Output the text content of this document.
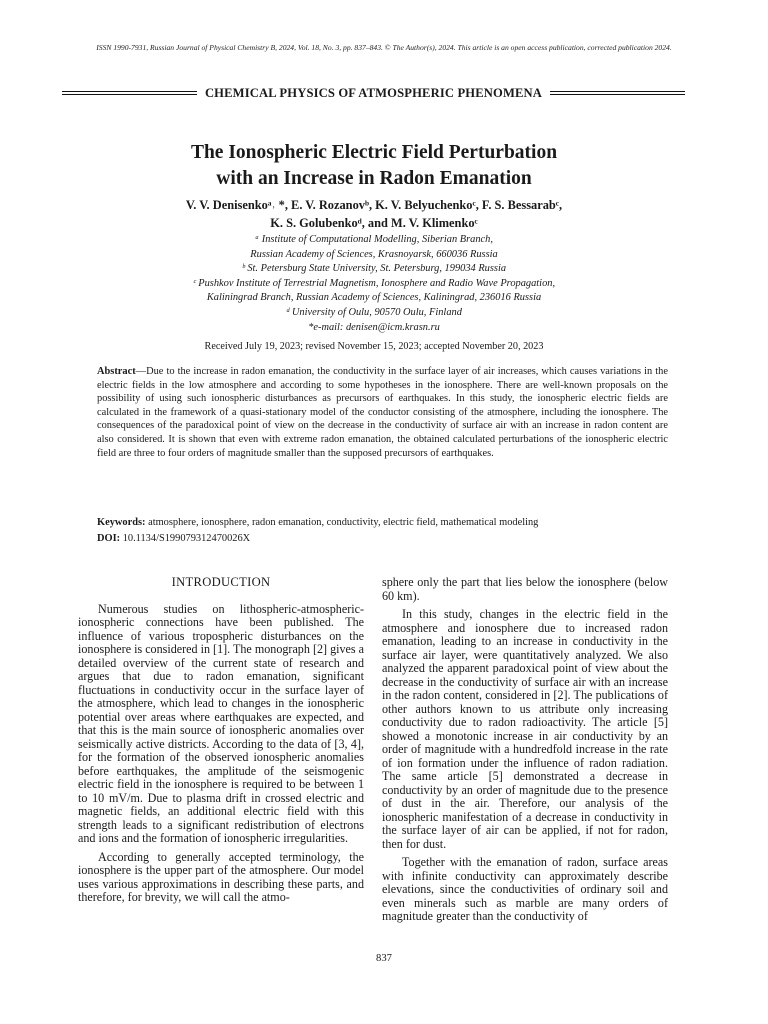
ISSN 1990-7931, Russian Journal of Physical Chemistry B, 2024, Vol. 18, No. 3, pp. 837–843. © The Author(s), 2024. This article is an open access publication, corrected publication 2024.
CHEMICAL PHYSICS OF ATMOSPHERIC PHENOMENA
The Ionospheric Electric Field Perturbation
with an Increase in Radon Emanation
V. V. Denisenkoᵃ˒ *, E. V. Rozanovᵇ, K. V. Belyuchenkoᶜ, F. S. Bessarabᶜ,
K. S. Golubenkoᵈ, and M. V. Klimenkoᶜ
ᵃ Institute of Computational Modelling, Siberian Branch,
Russian Academy of Sciences, Krasnoyarsk, 660036 Russia
ᵇ St. Petersburg State University, St. Petersburg, 199034 Russia
ᶜ Pushkov Institute of Terrestrial Magnetism, Ionosphere and Radio Wave Propagation,
Kaliningrad Branch, Russian Academy of Sciences, Kaliningrad, 236016 Russia
ᵈ University of Oulu, 90570 Oulu, Finland
*e-mail: denisen@icm.krasn.ru
Received July 19, 2023; revised November 15, 2023; accepted November 20, 2023
Abstract—Due to the increase in radon emanation, the conductivity in the surface layer of air increases, which causes variations in the electric fields in the low atmosphere and according to some hypotheses in the ionosphere. There are well-known proposals on the possibility of using such ionospheric disturbances as precursors of earthquakes. In this study, the ionospheric electric fields are calculated in the framework of a quasi-stationary model of the conductor consisting of the atmosphere, including the ionosphere. The consequences of the paradoxical point of view on the decrease in the conductivity of surface air with an increase in radon content are also considered. It is shown that even with extreme radon emanation, the obtained calculated perturbations of the ionospheric electric field are three to four orders of magnitude smaller than the supposed precursors of earthquakes.
Keywords: atmosphere, ionosphere, radon emanation, conductivity, electric field, mathematical modeling
DOI: 10.1134/S199079312470026X
INTRODUCTION

Numerous studies on lithospheric-atmospheric-ionospheric connections have been published. The influence of various tropospheric disturbances on the ionosphere is considered in [1]. The monograph [2] gives a detailed overview of the current state of research and argues that due to radon emanation, significant fluctuations in conductivity occur in the surface layer of the atmosphere, which lead to changes in the ionospheric potential over areas where earthquakes are expected, and that this is the main source of ionospheric anomalies over seismically active districts. According to the data of [3, 4], for the formation of the observed ionospheric anomalies before earthquakes, the amplitude of the seismogenic electric field in the ionosphere is required to be between 1 to 10 mV/m. Due to plasma drift in crossed electric and magnetic fields, an additional electric field with this strength leads to a significant redistribution of electrons and ions and the formation of ionospheric irregularities.

According to generally accepted terminology, the ionosphere is the upper part of the atmosphere. Our model uses various approximations in describing these parts, and therefore, for brevity, we will call the atmo-

sphere only the part that lies below the ionosphere (below 60 km).

In this study, changes in the electric field in the atmosphere and ionosphere due to increased radon emanation, leading to an increase in conductivity in the surface air layer, were quantitatively analyzed. We also analyzed the apparent paradoxical point of view about the decrease in the conductivity of surface air with an increase in the radon content, considered in [2]. The publications of other authors known to us attribute only increasing conductivity due to radon radioactivity. The article [5] showed a monotonic increase in air conductivity by an order of magnitude with a hundredfold increase in the rate of ion formation under the influence of radon radiation. The same article [5] demonstrated a decrease in conductivity by an order of magnitude due to the presence of dust in the air. Therefore, our analysis of the ionospheric manifestation of a decrease in conductivity in the surface layer of air can be applied, if not for radon, then for dust.

Together with the emanation of radon, surface areas with infinite conductivity can approximately describe elevations, since the conductivities of ordinary soil and even minerals such as marble are many orders of magnitude greater than the conductivity of

837
